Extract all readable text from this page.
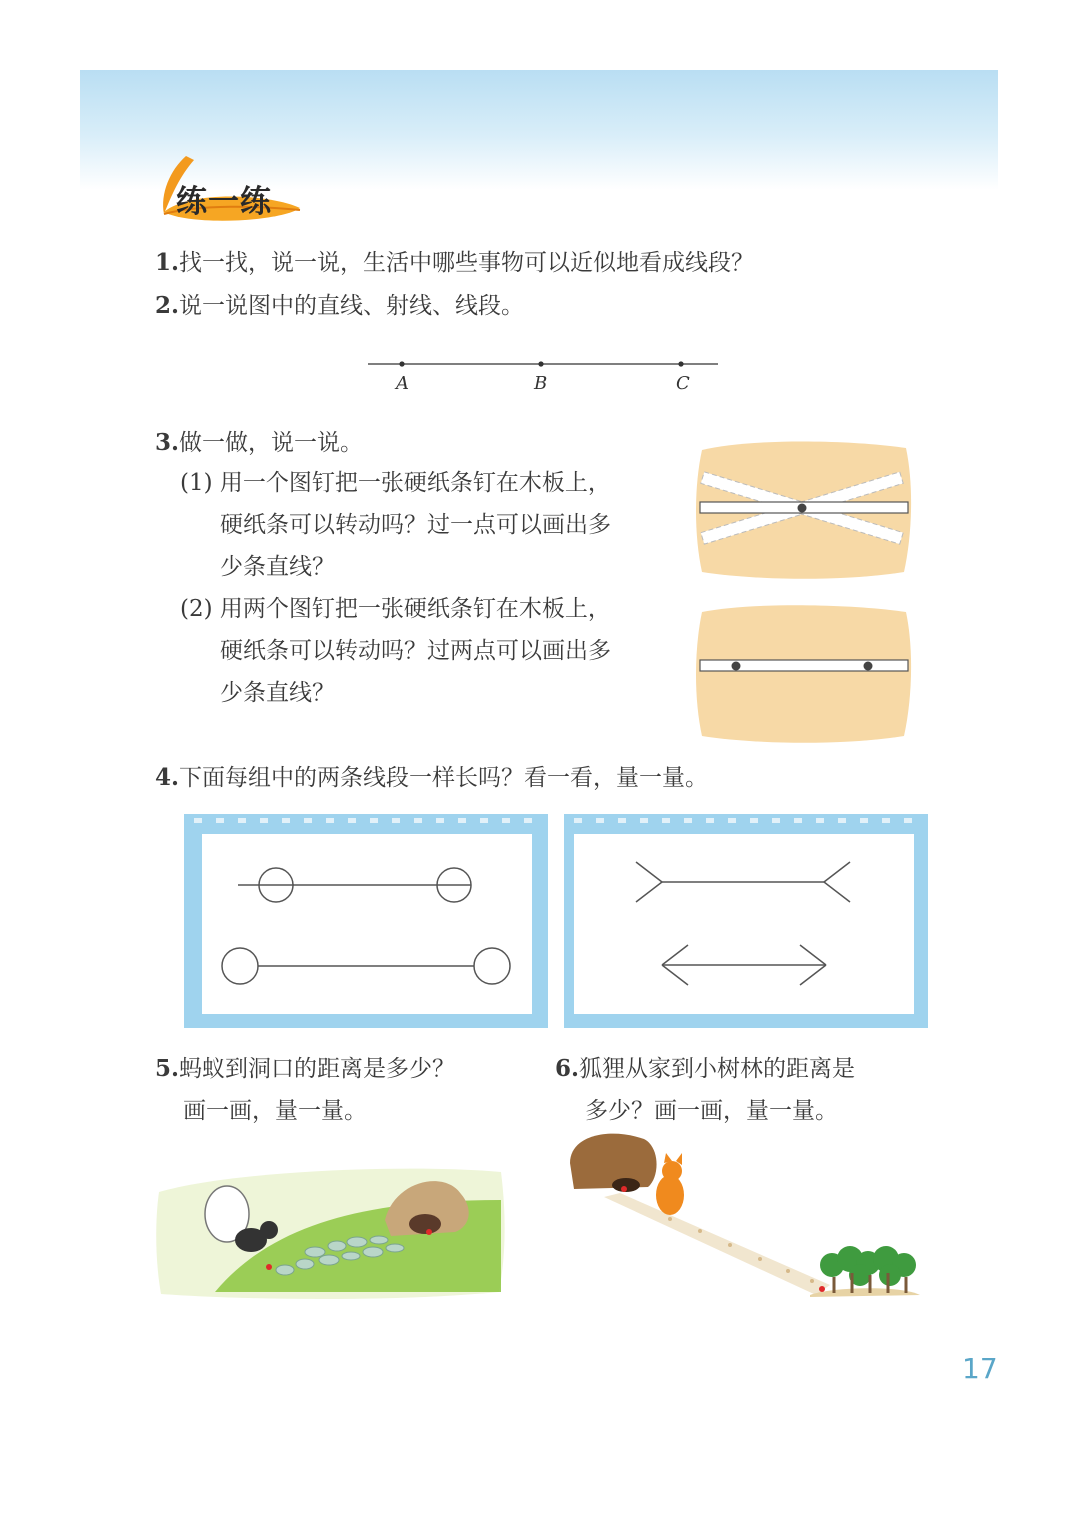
练一练
1.找一找，说一说，生活中哪些事物可以近似地看成线段？
2.说一说图中的直线、射线、线段。
A	B	C
3.做一做，说一说。
(1) 用一个图钉把一张硬纸条钉在木板上，
硬纸条可以转动吗？过一点可以画出多
少条直线？
(2) 用两个图钉把一张硬纸条钉在木板上，
硬纸条可以转动吗？过两点可以画出多
少条直线？
4.下面每组中的两条线段一样长吗？看一看，量一量。
5.蚂蚁到洞口的距离是多少？
画一画，量一量。
6.狐狸从家到小树林的距离是
多少？画一画，量一量。
17
